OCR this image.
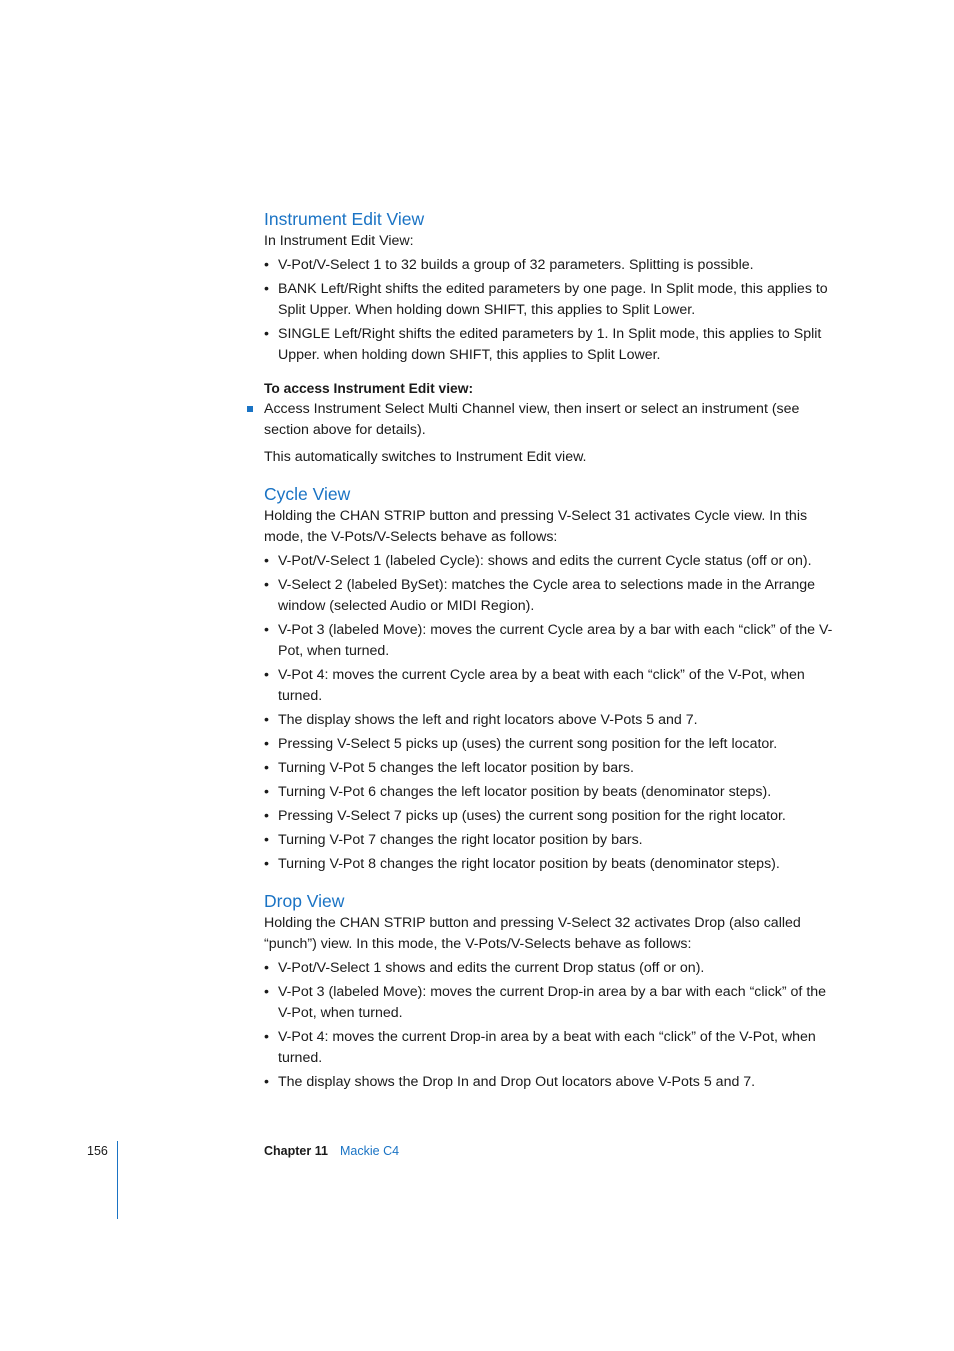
Instrument Edit View

In Instrument Edit View:

• V-Pot/V-Select 1 to 32 builds a group of 32 parameters. Splitting is possible.
• BANK Left/Right shifts the edited parameters by one page. In Split mode, this applies to Split Upper. When holding down SHIFT, this applies to Split Lower.
• SINGLE Left/Right shifts the edited parameters by 1. In Split mode, this applies to Split Upper. when holding down SHIFT, this applies to Split Lower.
To access Instrument Edit view:
Access Instrument Select Multi Channel view, then insert or select an instrument (see section above for details).

This automatically switches to Instrument Edit view.

Cycle View

Holding the CHAN STRIP button and pressing V-Select 31 activates Cycle view. In this mode, the V-Pots/V-Selects behave as follows:

• V-Pot/V-Select 1 (labeled Cycle): shows and edits the current Cycle status (off or on).
• V-Select 2 (labeled BySet): matches the Cycle area to selections made in the Arrange window (selected Audio or MIDI Region).
• V-Pot 3 (labeled Move): moves the current Cycle area by a bar with each “click” of the V-Pot, when turned.
• V-Pot 4: moves the current Cycle area by a beat with each “click” of the V-Pot, when turned.
• The display shows the left and right locators above V-Pots 5 and 7.
• Pressing V-Select 5 picks up (uses) the current song position for the left locator.
• Turning V-Pot 5 changes the left locator position by bars.
• Turning V-Pot 6 changes the left locator position by beats (denominator steps).
• Pressing V-Select 7 picks up (uses) the current song position for the right locator.
• Turning V-Pot 7 changes the right locator position by bars.
• Turning V-Pot 8 changes the right locator position by beats (denominator steps).
Drop View

Holding the CHAN STRIP button and pressing V-Select 32 activates Drop (also called “punch”) view. In this mode, the V-Pots/V-Selects behave as follows:

• V-Pot/V-Select 1 shows and edits the current Drop status (off or on).
• V-Pot 3 (labeled Move): moves the current Drop-in area by a bar with each “click” of the V-Pot, when turned.
• V-Pot 4: moves the current Drop-in area by a beat with each “click” of the V-Pot, when turned.
• The display shows the Drop In and Drop Out locators above V-Pots 5 and 7.
156	Chapter 11 Mackie C4
